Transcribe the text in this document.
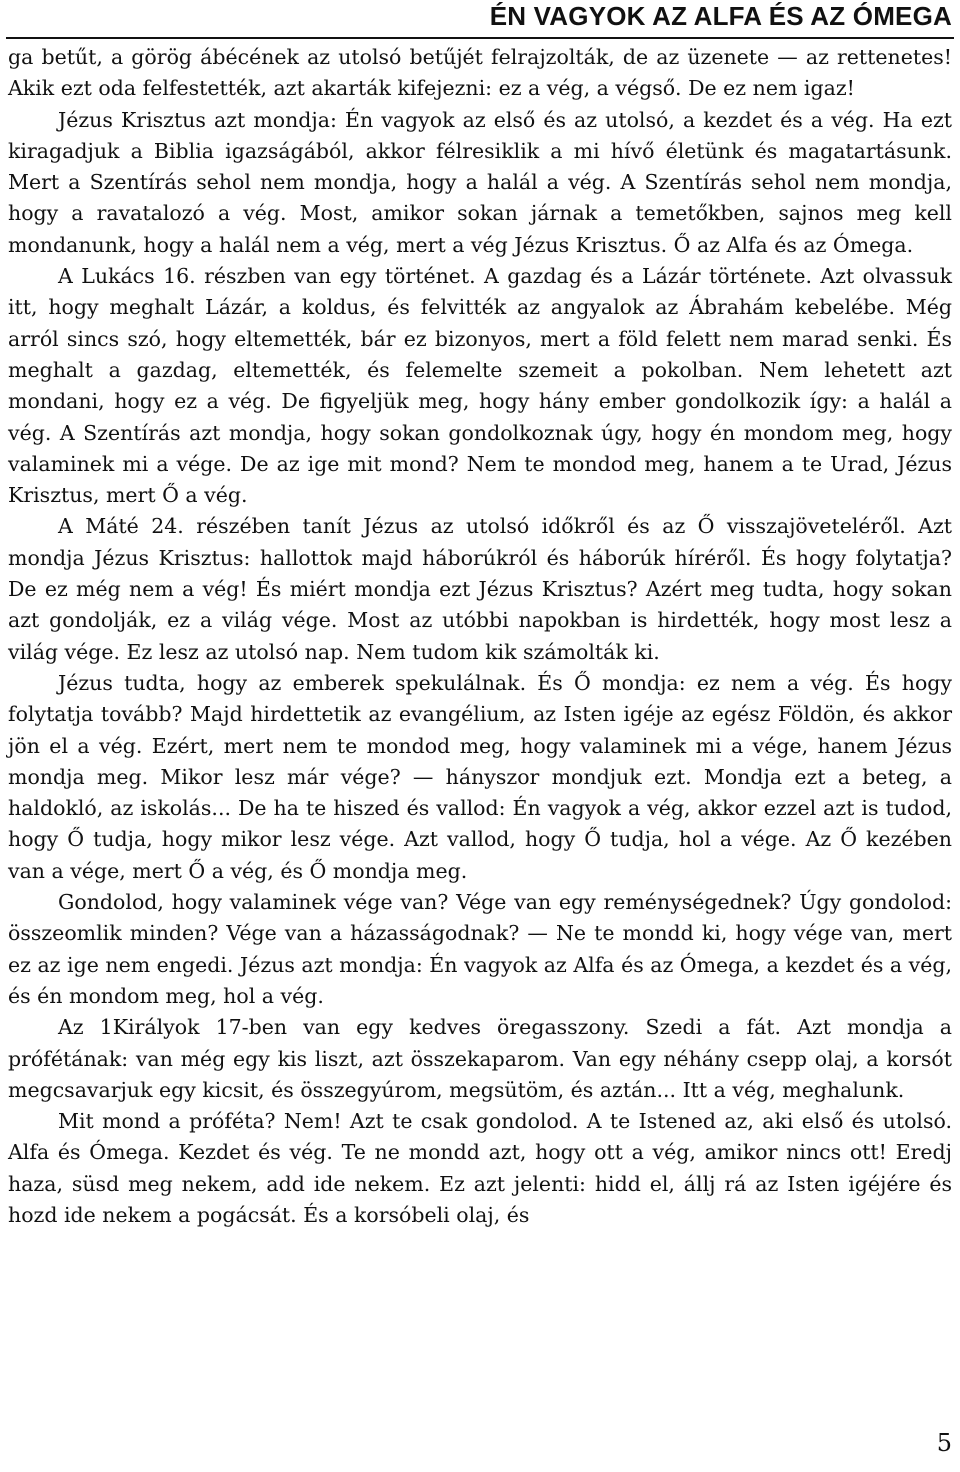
ÉN VAGYOK AZ ALFA ÉS AZ ÓMEGA

ga betűt, a görög ábécének az utolsó betűjét felrajzolták, de az üzenete — az rettenetes! Akik ezt oda felfestették, azt akarták kifejezni: ez a vég, a végső. De ez nem igaz!

Jézus Krisztus azt mondja: Én vagyok az első és az utolsó, a kezdet és a vég. Ha ezt kiragadjuk a Biblia igazságából, akkor félresiklik a mi hívő életünk és magatartásunk. Mert a Szentírás sehol nem mondja, hogy a halál a vég. A Szentírás sehol nem mondja, hogy a ravatalozó a vég. Most, amikor sokan járnak a temetőkben, sajnos meg kell mondanunk, hogy a halál nem a vég, mert a vég Jézus Krisztus. Ő az Alfa és az Ómega.

A Lukács 16. részben van egy történet. A gazdag és a Lázár története. Azt olvassuk itt, hogy meghalt Lázár, a koldus, és felvitték az angyalok az Ábrahám kebelébe. Még arról sincs szó, hogy eltemették, bár ez bizonyos, mert a föld felett nem marad senki. És meghalt a gazdag, eltemették, és felemelte szemeit a pokolban. Nem lehetett azt mondani, hogy ez a vég. De figyeljük meg, hogy hány ember gondolkozik így: a halál a vég. A Szentírás azt mondja, hogy sokan gondolkoznak úgy, hogy én mondom meg, hogy valaminek mi a vége. De az ige mit mond? Nem te mondod meg, hanem a te Urad, Jézus Krisztus, mert Ő a vég.

A Máté 24. részében tanít Jézus az utolsó időkről és az Ő visszajöveteléről. Azt mondja Jézus Krisztus: hallottok majd háborúkról és háborúk híréről. És hogy folytatja? De ez még nem a vég! És miért mondja ezt Jézus Krisztus? Azért meg tudta, hogy sokan azt gondolják, ez a világ vége. Most az utóbbi napokban is hirdették, hogy most lesz a világ vége. Ez lesz az utolsó nap. Nem tudom kik számolták ki.

Jézus tudta, hogy az emberek spekulálnak. És Ő mondja: ez nem a vég. És hogy folytatja tovább? Majd hirdettetik az evangélium, az Isten igéje az egész Földön, és akkor jön el a vég. Ezért, mert nem te mondod meg, hogy valaminek mi a vége, hanem Jézus mondja meg. Mikor lesz már vége? — hányszor mondjuk ezt. Mondja ezt a beteg, a haldokló, az iskolás... De ha te hiszed és vallod: Én vagyok a vég, akkor ezzel azt is tudod, hogy Ő tudja, hogy mikor lesz vége. Azt vallod, hogy Ő tudja, hol a vége. Az Ő kezében van a vége, mert Ő a vég, és Ő mondja meg.

Gondolod, hogy valaminek vége van? Vége van egy reménységednek? Úgy gondolod: összeomlik minden? Vége van a házasságodnak? — Ne te mondd ki, hogy vége van, mert ez az ige nem engedi. Jézus azt mondja: Én vagyok az Alfa és az Ómega, a kezdet és a vég, és én mondom meg, hol a vég.

Az 1Királyok 17-ben van egy kedves öregasszony. Szedi a fát. Azt mondja a prófétának: van még egy kis liszt, azt összekaparom. Van egy néhány csepp olaj, a korsót megcsavarjuk egy kicsit, és összegyúrom, megsütöm, és aztán... Itt a vég, meghalunk.

Mit mond a próféta? Nem! Azt te csak gondolod. A te Istened az, aki első és utolsó. Alfa és Ómega. Kezdet és vég. Te ne mondd azt, hogy ott a vég, amikor nincs ott! Eredj haza, süsd meg nekem, add ide nekem. Ez azt jelenti: hidd el, állj rá az Isten igéjére és hozd ide nekem a pogácsát. És a korsóbeli olaj, és

5
